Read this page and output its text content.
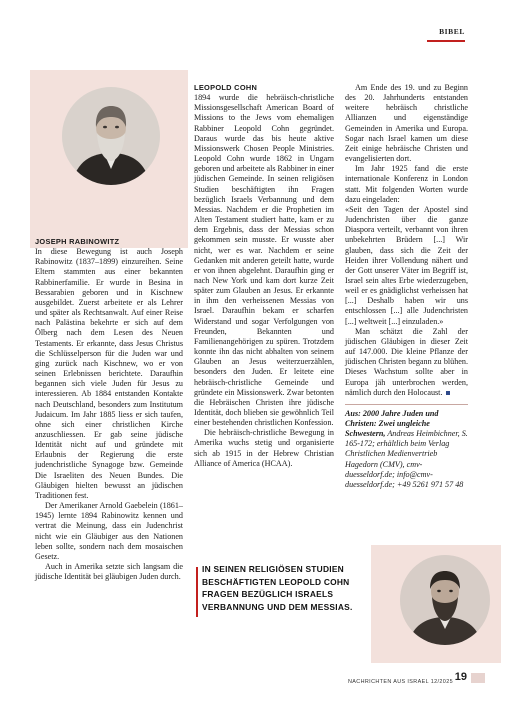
BIBEL

JOSEPH RABINOWITZ

In diese Bewegung ist auch Joseph Rabinowitz (1837–1899) einzureihen. Seine Eltern stammten aus einer bekannten Rabbinerfamilie. Er wurde in Besina in Bessarabien geboren und in Kischnew ausgebildet. Zuerst arbeitete er als Lehrer und später als Rechtsanwalt. Auf einer Reise nach Palästina bekehrte er sich auf dem Ölberg nach dem Lesen des Neuen Testaments. Er erkannte, dass Jesus Christus die Schlüsselperson für die Juden war und ging zurück nach Kischnew, wo er von seinen Erlebnissen berichtete. Daraufhin begannen sich viele Juden für Jesus zu interessieren. Ab 1884 entstanden Kontakte nach Deutschland, besonders zum Institutum Judaicum. Im Jahr 1885 liess er sich taufen, ohne sich einer christlichen Kirche anzuschliessen. Er gab seine jüdische Identität nicht auf und gründete mit Erlaubnis der Regierung die erste judenchristliche Synagoge bzw. Gemeinde Die Israeliten des Neuen Bundes. Die Gläubigen hielten bewusst an jüdischen Traditionen fest.

Der Amerikaner Arnold Gaebelein (1861–1945) lernte 1894 Rabinowitz kennen und vertrat die Meinung, dass ein Judenchrist nicht wie ein Gläubiger aus den Nationen leben sollte, sondern nach dem mosaischen Gesetz.

Auch in Amerika setzte sich langsam die jüdische Identität bei gläubigen Juden durch.

LEOPOLD COHN

1894 wurde die hebräisch-christliche Missionsgesellschaft American Board of Missions to the Jews vom ehemaligen Rabbiner Leopold Cohn gegründet. Daraus wurde das bis heute aktive Missionswerk Chosen People Ministries. Leopold Cohn wurde 1862 in Ungarn geboren und arbeitete als Rabbiner in einer jüdischen Gemeinde. In seinen religiösen Studien beschäftigten ihn Fragen bezüglich Israels Verbannung und dem Messias. Nachdem er die Prophetien im Alten Testament studiert hatte, kam er zu dem Ergebnis, dass der Messias schon gekommen sein musste. Er wusste aber nicht, wer es war. Nachdem er seine Gedanken mit anderen geteilt hatte, wurde er von ihnen abgelehnt. Daraufhin ging er nach New York und kam dort kurze Zeit später zum Glauben an Jesus. Er erkannte in ihm den verheissenen Messias von Israel. Daraufhin bekam er scharfen Widerstand und sogar Verfolgungen von Freunden, Bekannten und Familienangehörigen zu spüren. Trotzdem konnte ihn das nicht abhalten von seinem Glauben an Jesus weiterzuerzählen, besonders den Juden. Er leitete eine hebräisch-christliche Gemeinde und gründete ein Missionswerk. Zwar betonten die Hebräischen Christen ihre jüdische Identität, doch blieben sie gewöhnlich Teil einer bestehenden christlichen Konfession.

Die hebräisch-christliche Bewegung in Amerika wuchs stetig und organisierte sich ab 1915 in der Hebrew Christian Alliance of America (HCAA).

Am Ende des 19. und zu Beginn des 20. Jahrhunderts entstanden weitere hebräisch christliche Allianzen und eigenständige Gemeinden in Amerika und Europa. Sogar nach Israel kamen um diese Zeit einige hebräische Christen und evangelisierten dort.

Im Jahr 1925 fand die erste internationale Konferenz in London statt. Mit folgenden Worten wurde dazu eingeladen:

«Seit den Tagen der Apostel sind Judenchristen über die ganze Diaspora verteilt, verbannt von ihren unbekehrten Brüdern [...] Wir glauben, dass sich die Zeit der Heiden ihrer Vollendung nähert und der Gott unserer Väter im Begriff ist, Israel sein altes Erbe wiederzugeben, weil er es gnädiglichst verheissen hat [...] Deshalb haben wir uns entschlossen [...] alle Judenchristen [...] weltweit [...] einzuladen.»

Man schätzt die Zahl der jüdischen Gläubigen in dieser Zeit auf 147.000. Die kleine Pflanze der jüdischen Christen begann zu blühen. Dieses Wachstum sollte aber in Europa jäh unterbrochen werden, nämlich durch den Holocaust.

Aus: 2000 Jahre Juden und Christen: Zwei ungleiche Schwestern, Andreas Heimbichner, S. 165-172; erhältlich beim Verlag Christlichen Medienvertrieb Hagedorn (CMV), cmv-duesseldorf.de; info@cmv-duesseldorf.de; +49 5261 971 57 48

IN SEINEN RELIGIÖSEN STUDIEN BESCHÄFTIGTEN LEOPOLD COHN FRAGEN BEZÜGLICH ISRAELS VERBANNUNG UND DEM MESSIAS.

NACHRICHTEN AUS ISRAEL 12/2025 19
